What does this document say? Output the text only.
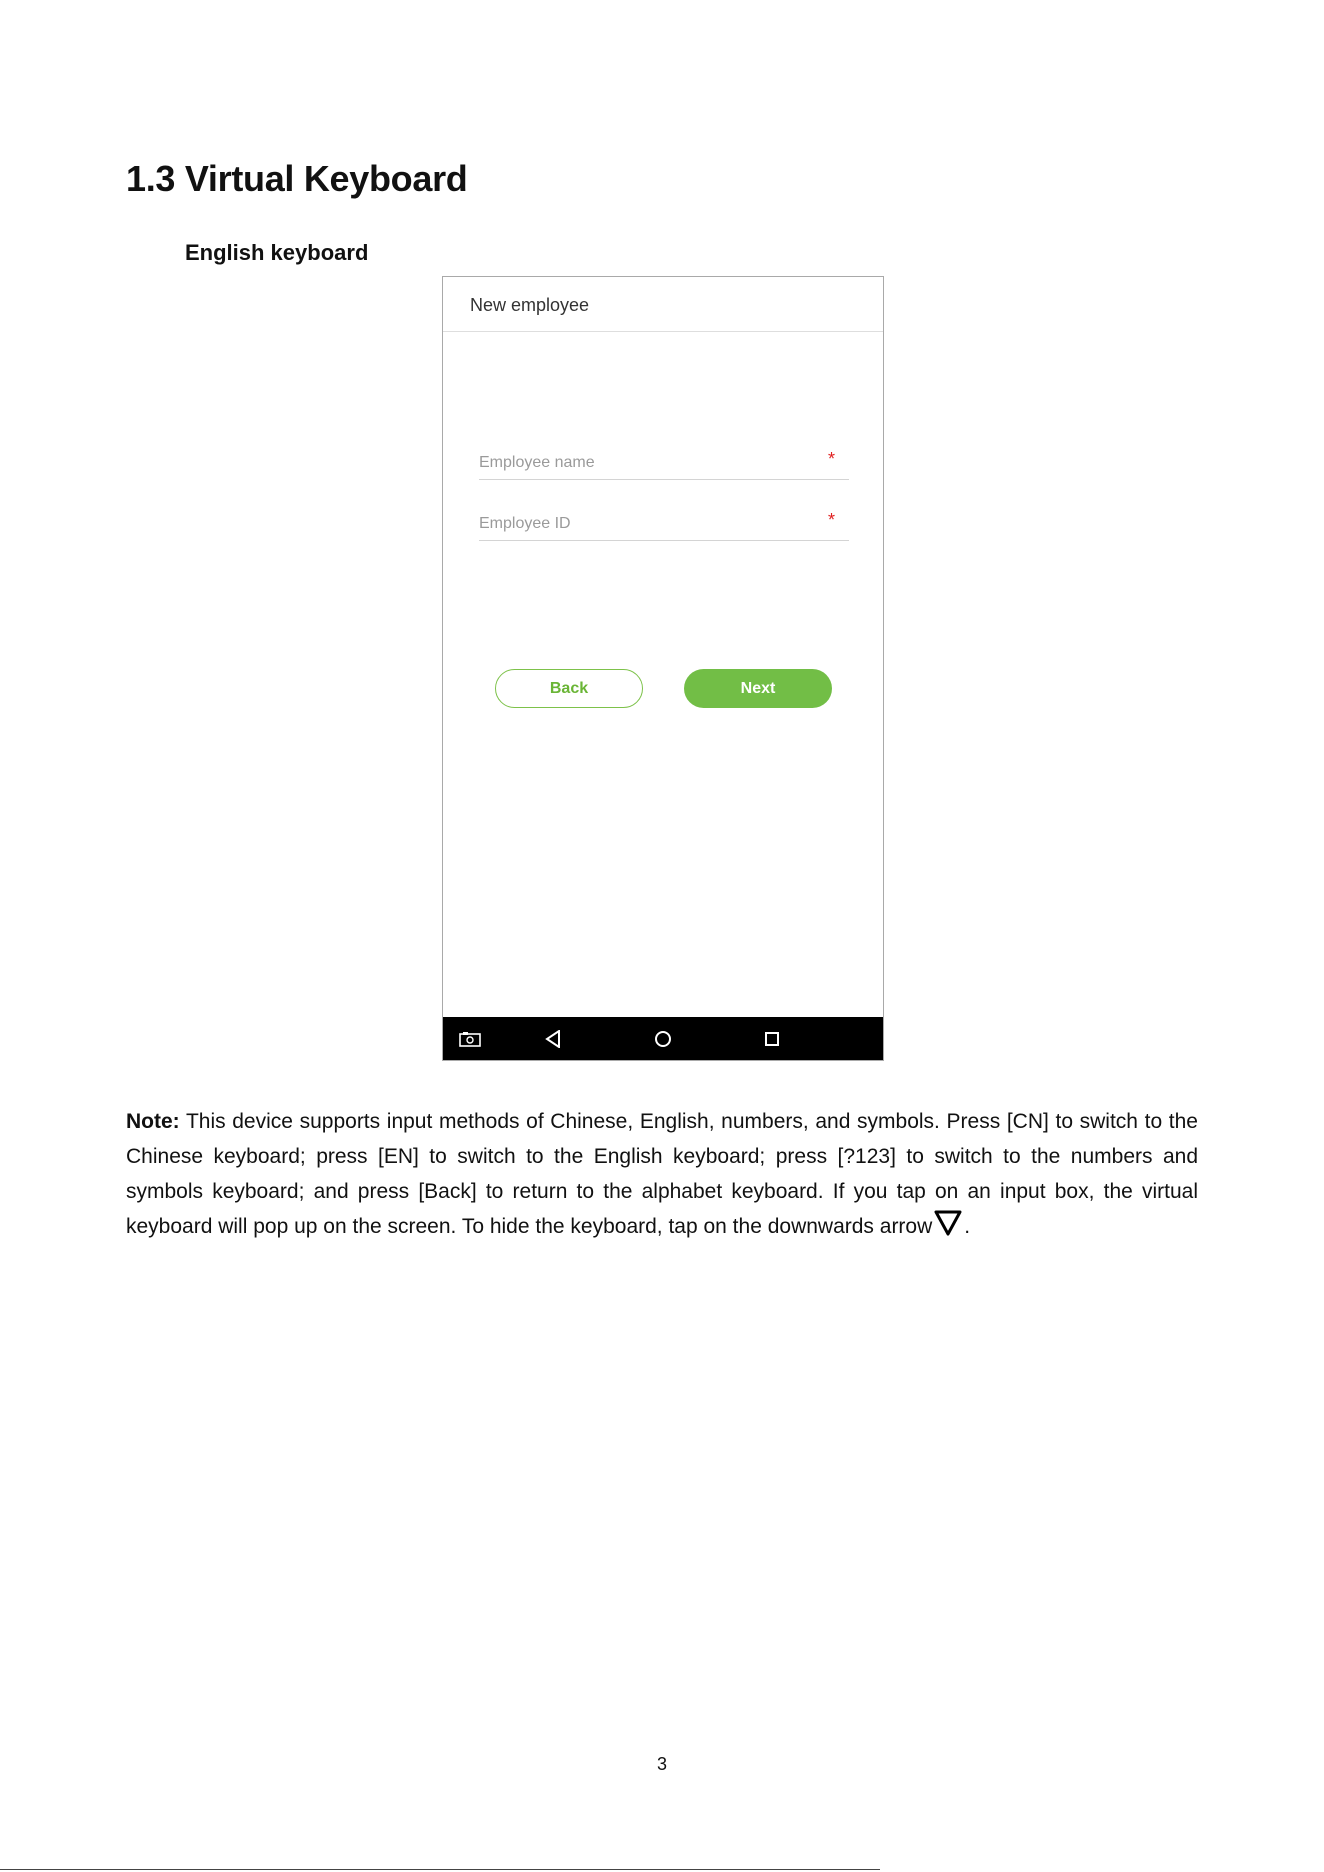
1.3 Virtual Keyboard
English keyboard
New employee
Employee name
*
Employee ID
*
Back	Next

Note: This device supports input methods of Chinese, English, numbers, and symbols. Press [CN] to switch to the Chinese keyboard; press [EN] to switch to the English keyboard; press [?123] to switch to the numbers and symbols keyboard; and press [Back] to return to the alphabet keyboard. If you tap on an input box, the virtual keyboard will pop up on the screen. To hide the keyboard, tap on the downwards arrow .

3
